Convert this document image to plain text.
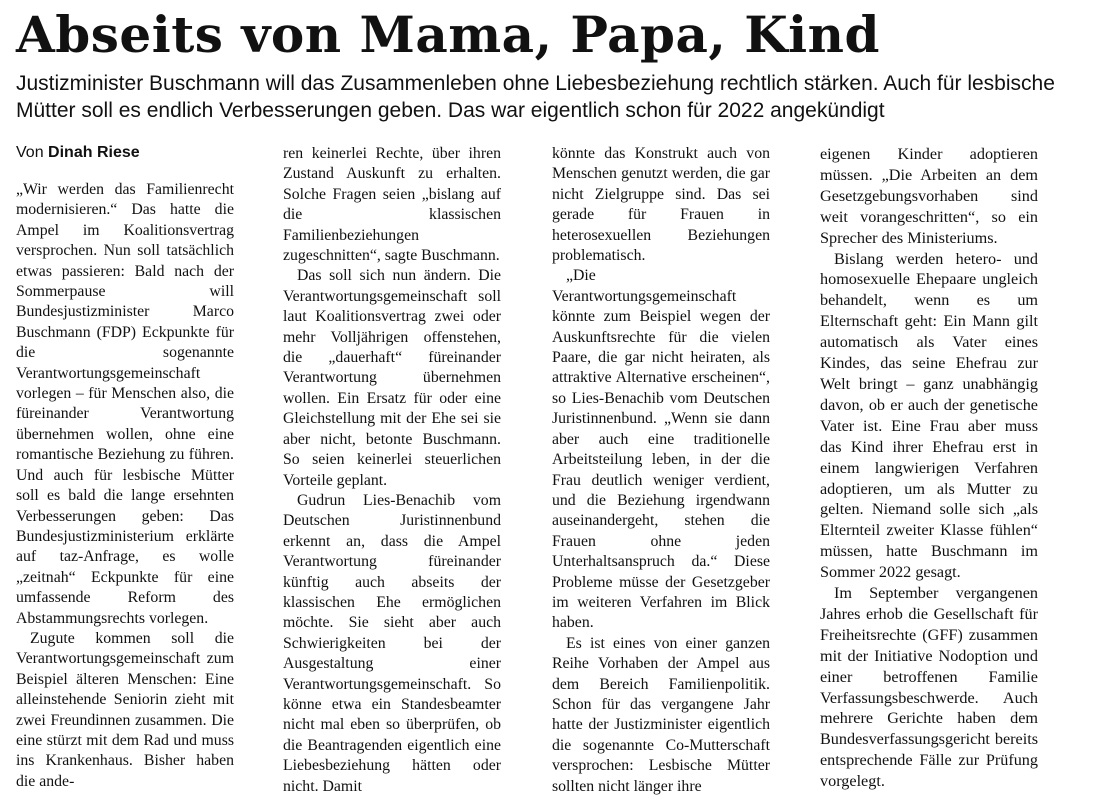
Abseits von Mama, Papa, Kind

Justizminister Buschmann will das Zusammenleben ohne Liebesbeziehung rechtlich stärken. Auch für lesbische Mütter soll es endlich Verbesserungen geben. Das war eigentlich schon für 2022 angekündigt

Von Dinah Riese

„Wir werden das Familienrecht modernisieren.“ Das hatte die Ampel im Koalitionsvertrag versprochen. Nun soll tatsächlich etwas passieren: Bald nach der Sommerpause will Bundesjustizminister Marco Buschmann (FDP) Eckpunkte für die sogenannte Verantwortungsgemeinschaft vorlegen – für Menschen also, die füreinander Verantwortung übernehmen wollen, ohne eine romantische Beziehung zu führen. Und auch für lesbische Mütter soll es bald die lange ersehnten Verbesserungen geben: Das Bundesjustizministerium erklärte auf taz-Anfrage, es wolle „zeitnah“ Eckpunkte für eine umfassende Reform des Abstammungsrechts vorlegen.

Zugute kommen soll die Verantwortungsgemeinschaft zum Beispiel älteren Menschen: Eine alleinstehende Seniorin zieht mit zwei Freundinnen zusammen. Die eine stürzt mit dem Rad und muss ins Krankenhaus. Bisher haben die ande-

ren keinerlei Rechte, über ihren Zustand Auskunft zu erhalten. Solche Fragen seien „bislang auf die klassischen Familienbeziehungen zugeschnitten“, sagte Buschmann.

Das soll sich nun ändern. Die Verantwortungsgemeinschaft soll laut Koalitionsvertrag zwei oder mehr Volljährigen offenstehen, die „dauerhaft“ füreinander Verantwortung übernehmen wollen. Ein Ersatz für oder eine Gleichstellung mit der Ehe sei sie aber nicht, betonte Buschmann. So seien keinerlei steuerlichen Vorteile geplant.

Gudrun Lies-Benachib vom Deutschen Juristinnenbund erkennt an, dass die Ampel Verantwortung füreinander künftig auch abseits der klassischen Ehe ermöglichen möchte. Sie sieht aber auch Schwierigkeiten bei der Ausgestaltung einer Verantwortungsgemeinschaft. So könne etwa ein Standesbeamter nicht mal eben so überprüfen, ob die Beantragenden eigentlich eine Liebesbeziehung hätten oder nicht. Damit

könnte das Konstrukt auch von Menschen genutzt werden, die gar nicht Zielgruppe sind. Das sei gerade für Frauen in heterosexuellen Beziehungen problematisch.

„Die Verantwortungsgemeinschaft könnte zum Beispiel wegen der Auskunftsrechte für die vielen Paare, die gar nicht heiraten, als attraktive Alternative erscheinen“, so Lies-Benachib vom Deutschen Juristinnenbund. „Wenn sie dann aber auch eine traditionelle Arbeitsteilung leben, in der die Frau deutlich weniger verdient, und die Beziehung irgendwann auseinandergeht, stehen die Frauen ohne jeden Unterhaltsanspruch da.“ Diese Probleme müsse der Gesetzgeber im weiteren Verfahren im Blick haben.

Es ist eines von einer ganzen Reihe Vorhaben der Ampel aus dem Bereich Familienpolitik. Schon für das vergangene Jahr hatte der Justizminister eigentlich die sogenannte Co-Mutterschaft versprochen: Lesbische Mütter sollten nicht länger ihre

eigenen Kinder adoptieren müssen. „Die Arbeiten an dem Gesetzgebungsvorhaben sind weit vorangeschritten“, so ein Sprecher des Ministeriums.

Bislang werden hetero- und homosexuelle Ehepaare ungleich behandelt, wenn es um Elternschaft geht: Ein Mann gilt automatisch als Vater eines Kindes, das seine Ehefrau zur Welt bringt – ganz unabhängig davon, ob er auch der genetische Vater ist. Eine Frau aber muss das Kind ihrer Ehefrau erst in einem langwierigen Verfahren adoptieren, um als Mutter zu gelten. Niemand solle sich „als Elternteil zweiter Klasse fühlen“ müssen, hatte Buschmann im Sommer 2022 gesagt.

Im September vergangenen Jahres erhob die Gesellschaft für Freiheitsrechte (GFF) zusammen mit der Initiative Nodoption und einer betroffenen Familie Verfassungsbeschwerde. Auch mehrere Gerichte haben dem Bundesverfassungsgericht bereits entsprechende Fälle zur Prüfung vorgelegt.
